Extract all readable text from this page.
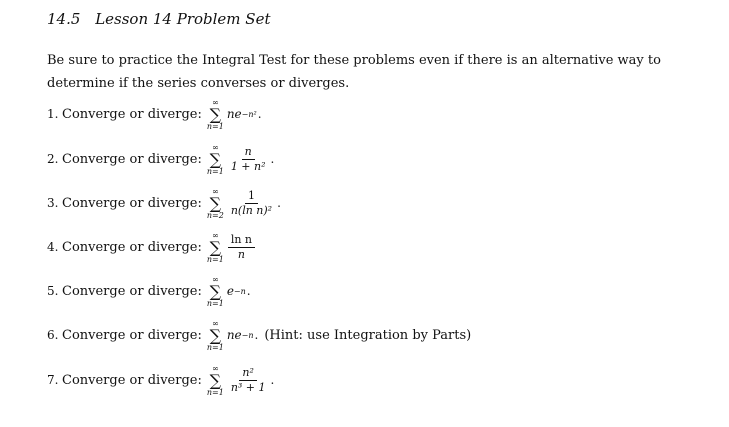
14.5 Lesson 14 Problem Set
Be sure to practice the Integral Test for these problems even if there is an alternative way to determine if the series converses or diverges.
1. Converge or diverge:
∞
∑
n=1
ne −n² .
2. Converge or diverge:
∞
∑
$n=1 \frac{n}{\text{1 + n²}}$ .
3. Converge or diverge:
∞
∑
$n=2 \frac{1}{\text{n(ln n)²}}$ .
4. Converge or diverge:
∞
∑
$n=1 \frac{\text{ln n}}{n}$
5. Converge or diverge:
∞
∑
n=1
e −n .
6. Converge or diverge:
∞
∑
n=1
ne −n . (Hint: use Integration by Parts)
7. Converge or diverge:
∞
∑
$n=1 \frac{\text{n²}}{\text{n³ + 1}}$ .
